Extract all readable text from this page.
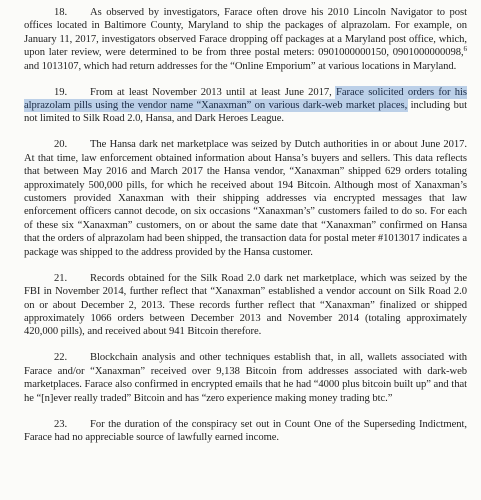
18. As observed by investigators, Farace often drove his 2010 Lincoln Navigator to post offices located in Baltimore County, Maryland to ship the packages of alprazolam. For example, on January 11, 2017, investigators observed Farace dropping off packages at a Maryland post office, which, upon later review, were determined to be from three postal meters: 0901000000150, 0901000000098,$^6$ and 1013107, which had return addresses for the “Online Emporium” at various locations in Maryland.

19. From at least November 2013 until at least June 2017, Farace solicited orders for his alprazolam pills using the vendor name “Xanaxman” on various dark-web market places, including but not limited to Silk Road 2.0, Hansa, and Dark Heroes League.

20. The Hansa dark net marketplace was seized by Dutch authorities in or about June 2017. At that time, law enforcement obtained information about Hansa’s buyers and sellers. This data reflects that between May 2016 and March 2017 the Hansa vendor, “Xanaxman” shipped 629 orders totaling approximately 500,000 pills, for which he received about 194 Bitcoin. Although most of Xanaxman’s customers provided Xanaxman with their shipping addresses via encrypted messages that law enforcement officers cannot decode, on six occasions “Xanaxman’s” customers failed to do so. For each of these six “Xanaxman” customers, on or about the same date that “Xanaxman” confirmed on Hansa that the orders of alprazolam had been shipped, the transaction data for postal meter #1013017 indicates a package was shipped to the address provided by the Hansa customer.

21. Records obtained for the Silk Road 2.0 dark net marketplace, which was seized by the FBI in November 2014, further reflect that “Xanaxman” established a vendor account on Silk Road 2.0 on or about December 2, 2013. These records further reflect that “Xanaxman” finalized or shipped approximately 1066 orders between December 2013 and November 2014 (totaling approximately 420,000 pills), and received about 941 Bitcoin therefore.

22. Blockchain analysis and other techniques establish that, in all, wallets associated with Farace and/or “Xanaxman” received over 9,138 Bitcoin from addresses associated with dark-web marketplaces. Farace also confirmed in encrypted emails that he had “4000 plus bitcoin built up” and that he “[n]ever really traded” Bitcoin and has “zero experience making money trading btc.”

23. For the duration of the conspiracy set out in Count One of the Superseding Indictment, Farace had no appreciable source of lawfully earned income.
